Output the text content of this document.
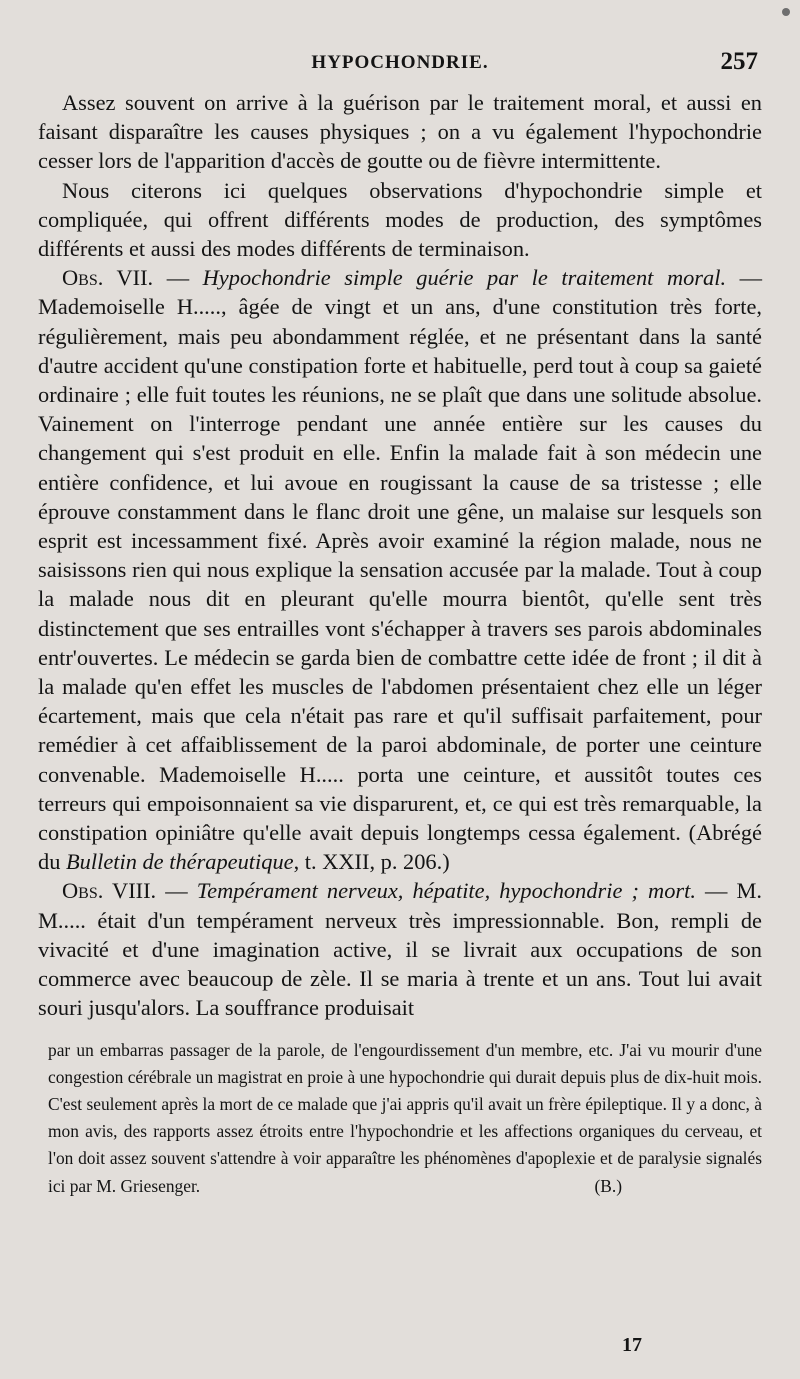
HYPOCHONDRIE.	257

Assez souvent on arrive à la guérison par le traitement moral, et aussi en faisant disparaître les causes physiques ; on a vu également l'hypochondrie cesser lors de l'apparition d'accès de goutte ou de fièvre intermittente.

Nous citerons ici quelques observations d'hypochondrie simple et compliquée, qui offrent différents modes de production, des symptômes différents et aussi des modes différents de terminaison.

Obs. VII. — Hypochondrie simple guérie par le traitement moral. — Mademoiselle H....., âgée de vingt et un ans, d'une constitution très forte, régulièrement, mais peu abondamment réglée, et ne présentant dans la santé d'autre accident qu'une constipation forte et habituelle, perd tout à coup sa gaieté ordinaire ; elle fuit toutes les réunions, ne se plaît que dans une solitude absolue. Vainement on l'interroge pendant une année entière sur les causes du changement qui s'est produit en elle. Enfin la malade fait à son médecin une entière confidence, et lui avoue en rougissant la cause de sa tristesse ; elle éprouve constamment dans le flanc droit une gêne, un malaise sur lesquels son esprit est incessamment fixé. Après avoir examiné la région malade, nous ne saisissons rien qui nous explique la sensation accusée par la malade. Tout à coup la malade nous dit en pleurant qu'elle mourra bientôt, qu'elle sent très distinctement que ses entrailles vont s'échapper à travers ses parois abdominales entr'ouvertes. Le médecin se garda bien de combattre cette idée de front ; il dit à la malade qu'en effet les muscles de l'abdomen présentaient chez elle un léger écartement, mais que cela n'était pas rare et qu'il suffisait parfaitement, pour remédier à cet affaiblissement de la paroi abdominale, de porter une ceinture convenable. Mademoiselle H..... porta une ceinture, et aussitôt toutes ces terreurs qui empoisonnaient sa vie disparurent, et, ce qui est très remarquable, la constipation opiniâtre qu'elle avait depuis longtemps cessa également. (Abrégé du Bulletin de thérapeutique, t. XXII, p. 206.)

Obs. VIII. — Tempérament nerveux, hépatite, hypochondrie ; mort. — M. M..... était d'un tempérament nerveux très impressionnable. Bon, rempli de vivacité et d'une imagination active, il se livrait aux occupations de son commerce avec beaucoup de zèle. Il se maria à trente et un ans. Tout lui avait souri jusqu'alors. La souffrance produisait

par un embarras passager de la parole, de l'engourdissement d'un membre, etc. J'ai vu mourir d'une congestion cérébrale un magistrat en proie à une hypochondrie qui durait depuis plus de dix-huit mois. C'est seulement après la mort de ce malade que j'ai appris qu'il avait un frère épileptique. Il y a donc, à mon avis, des rapports assez étroits entre l'hypochondrie et les affections organiques du cerveau, et l'on doit assez souvent s'attendre à voir apparaître les phénomènes d'apoplexie et de paralysie signalés ici par M. Griesenger.	(B.)

17
